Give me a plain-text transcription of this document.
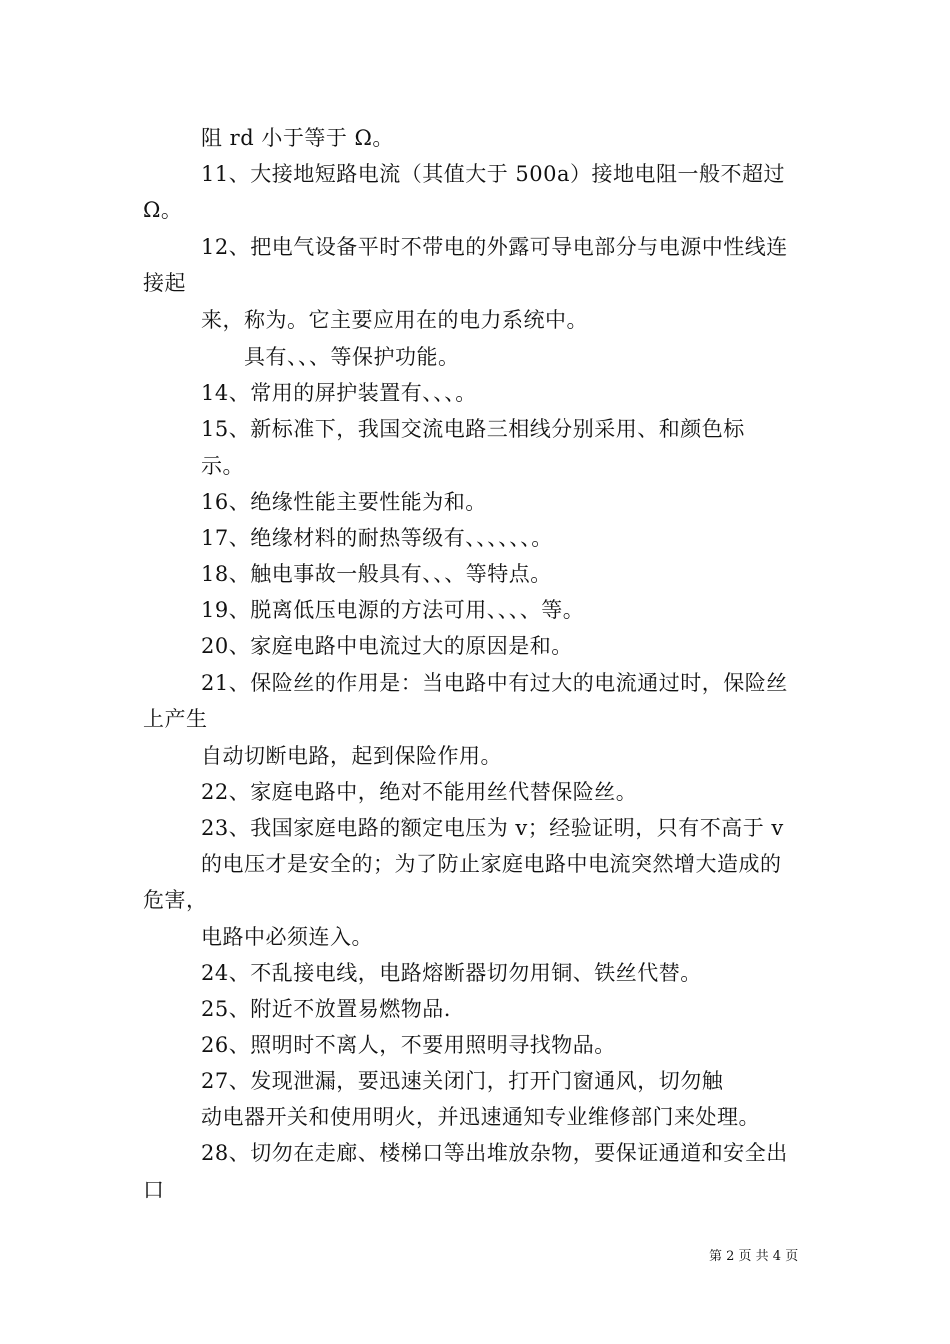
阻 rd 小于等于 Ω。
11、大接地短路电流（其值大于 500a）接地电阻一般不超过
Ω。
12、把电气设备平时不带电的外露可导电部分与电源中性线连
接起
来，称为。它主要应用在的电力系统中。
具有、、、等保护功能。
14、常用的屏护装置有、、、。
15、新标准下，我国交流电路三相线分别采用、和颜色标
示。
16、绝缘性能主要性能为和。
17、绝缘材料的耐热等级有、、、、、、。
18、触电事故一般具有、、、等特点。
19、脱离低压电源的方法可用、、、、等。
20、家庭电路中电流过大的原因是和。
21、保险丝的作用是：当电路中有过大的电流通过时，保险丝
上产生
自动切断电路，起到保险作用。
22、家庭电路中，绝对不能用丝代替保险丝。
23、我国家庭电路的额定电压为 v；经验证明，只有不高于 v
的电压才是安全的；为了防止家庭电路中电流突然增大造成的
危害，
电路中必须连入。
24、不乱接电线，电路熔断器切勿用铜、铁丝代替。
25、附近不放置易燃物品.
26、照明时不离人，不要用照明寻找物品。
27、发现泄漏，要迅速关闭门，打开门窗通风，切勿触
动电器开关和使用明火，并迅速通知专业维修部门来处理。
28、切勿在走廊、楼梯口等出堆放杂物，要保证通道和安全出
口
第 2 页 共 4 页
